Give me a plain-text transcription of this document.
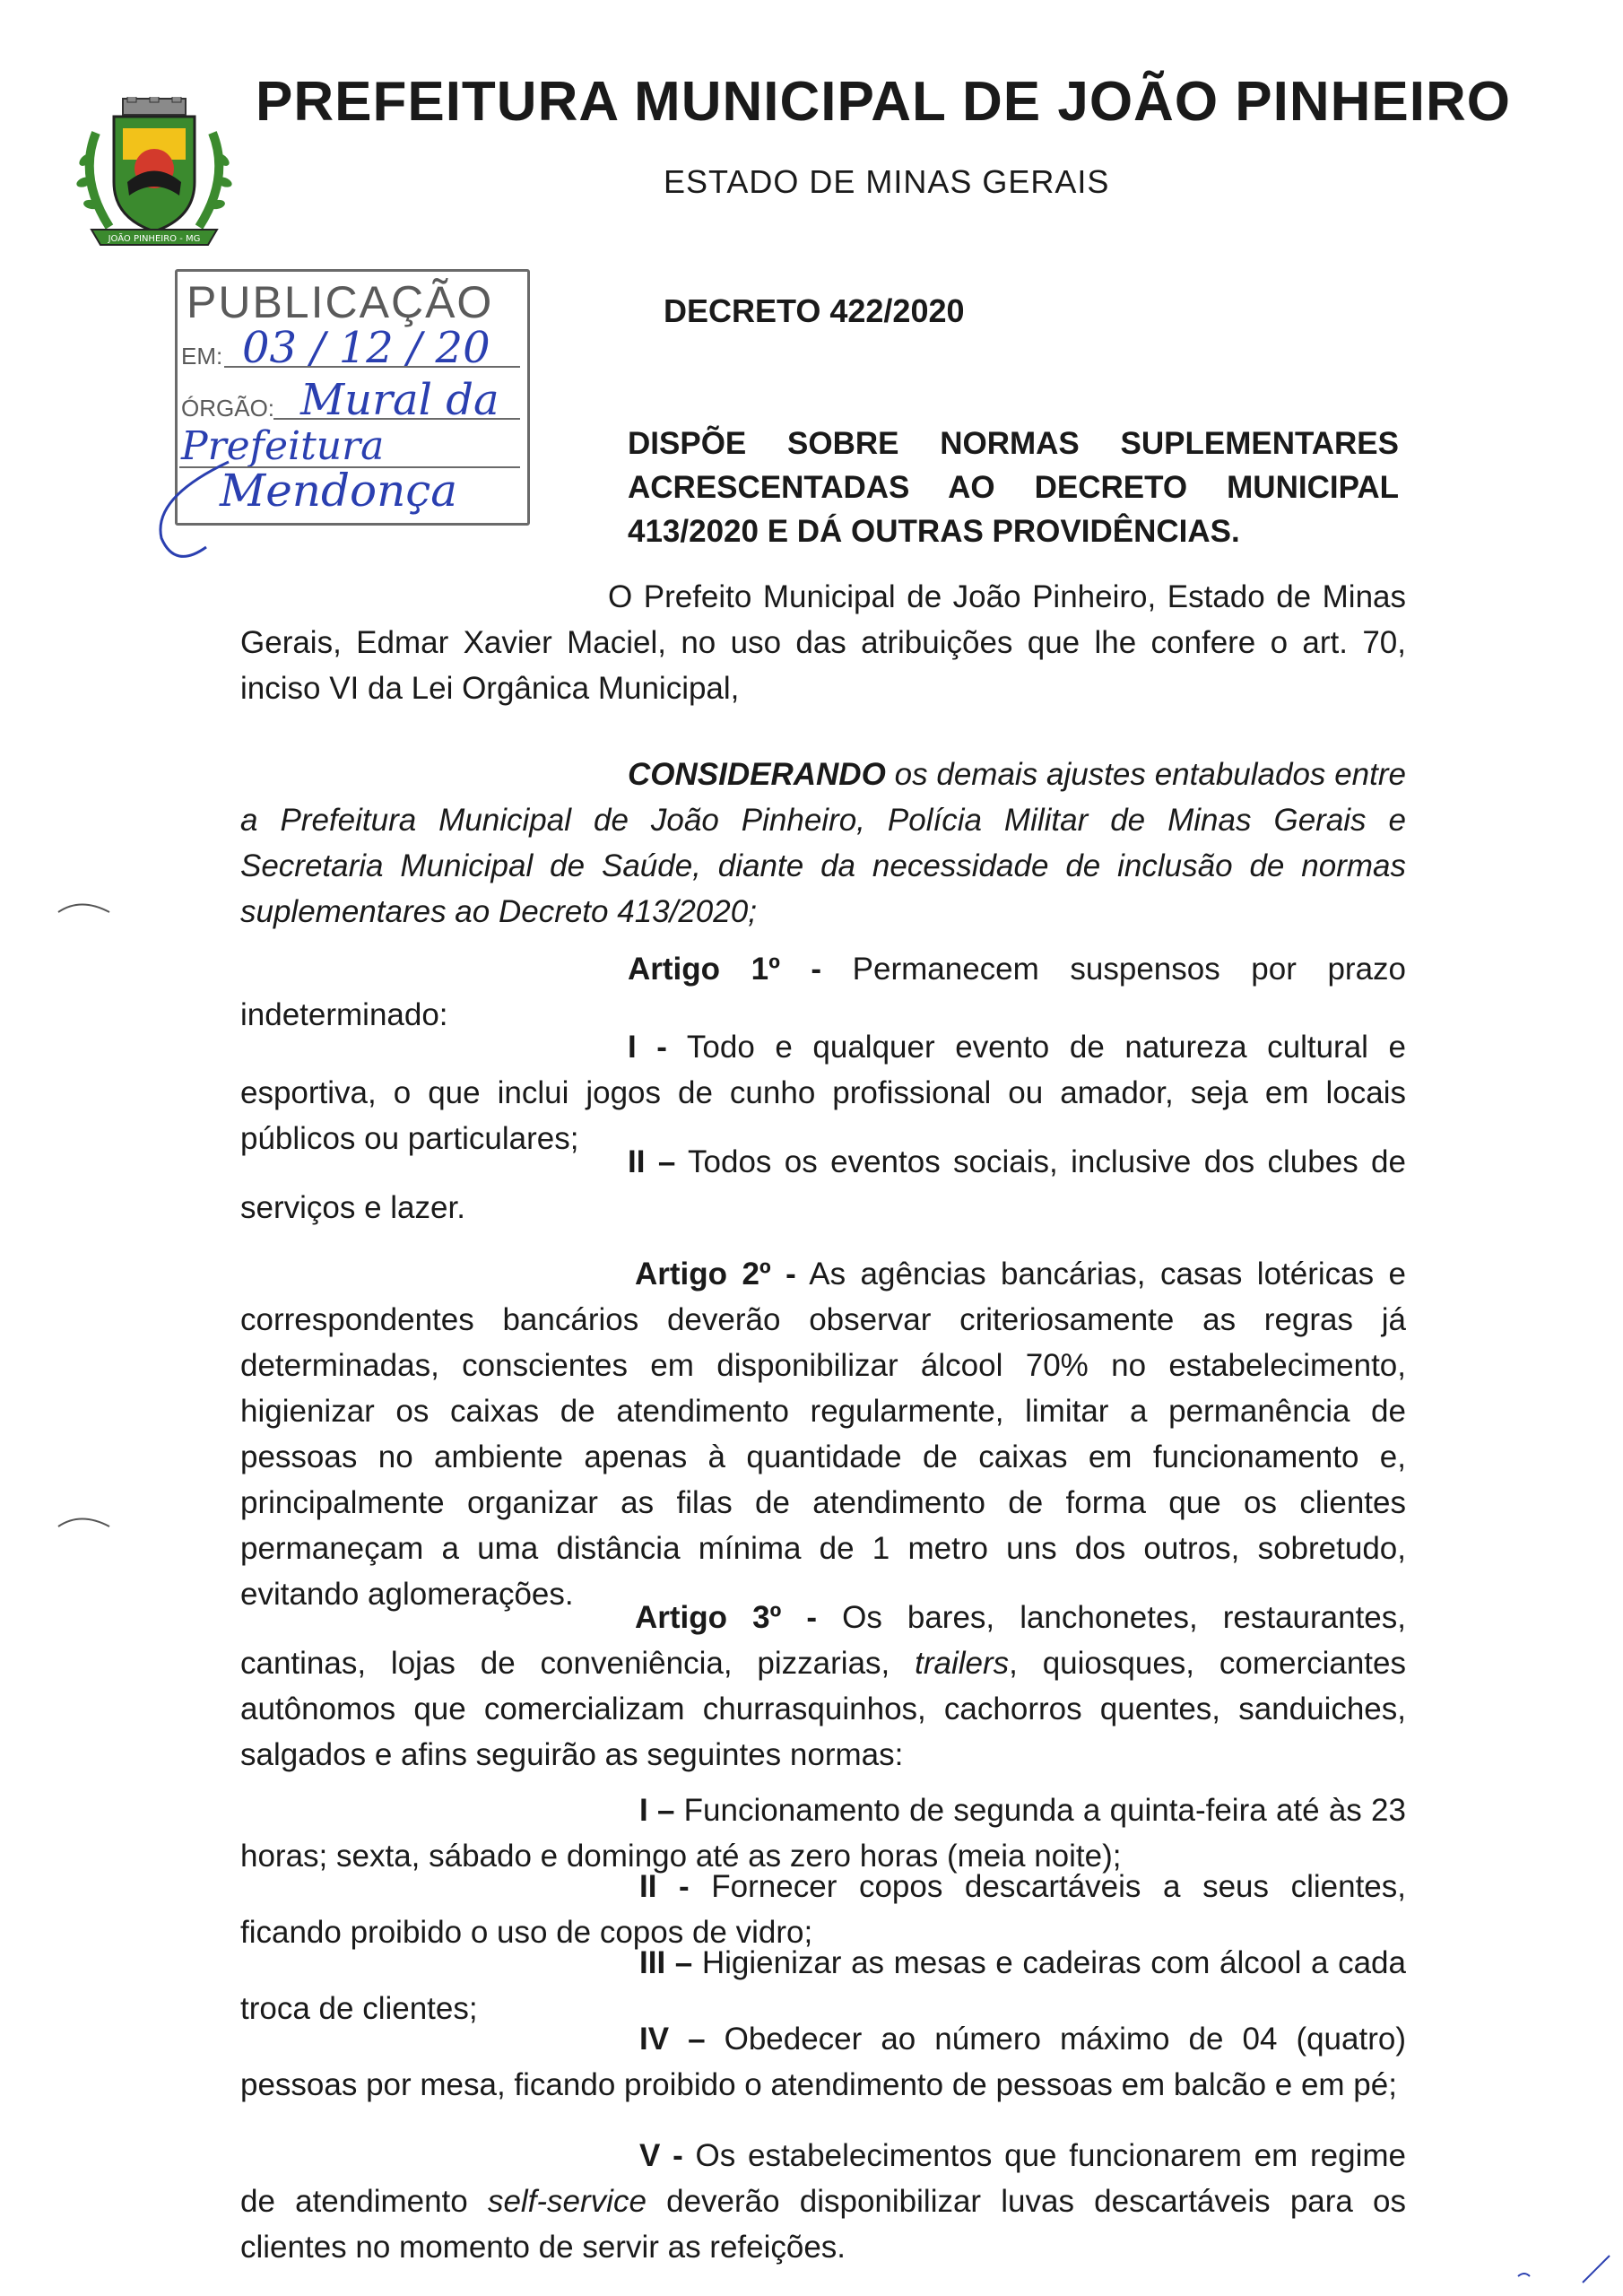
JOÃO PINHEIRO - MG
PREFEITURA MUNICIPAL DE JOÃO PINHEIRO
ESTADO DE MINAS GERAIS
PUBLICAÇÃO
EM: 03 / 12 / 20
ÓRGÃO: Mural da
Prefeitura
Mendonça
DECRETO 422/2020
DISPÕE SOBRE NORMAS SUPLEMENTARES ACRESCENTADAS AO DECRETO MUNICIPAL 413/2020 E DÁ OUTRAS PROVIDÊNCIAS.
O Prefeito Municipal de João Pinheiro, Estado de Minas Gerais, Edmar Xavier Maciel, no uso das atribuições que lhe confere o art. 70, inciso VI da Lei Orgânica Municipal,
CONSIDERANDO os demais ajustes entabulados entre a Prefeitura Municipal de João Pinheiro, Polícia Militar de Minas Gerais e Secretaria Municipal de Saúde, diante da necessidade de inclusão de normas suplementares ao Decreto 413/2020;
Artigo 1º - Permanecem suspensos por prazo indeterminado:
I - Todo e qualquer evento de natureza cultural e esportiva, o que inclui jogos de cunho profissional ou amador, seja em locais públicos ou particulares;
II – Todos os eventos sociais, inclusive dos clubes de serviços e lazer.
Artigo 2º - As agências bancárias, casas lotéricas e correspondentes bancários deverão observar criteriosamente as regras já determinadas, conscientes em disponibilizar álcool 70% no estabelecimento, higienizar os caixas de atendimento regularmente, limitar a permanência de pessoas no ambiente apenas à quantidade de caixas em funcionamento e, principalmente organizar as filas de atendimento de forma que os clientes permaneçam a uma distância mínima de 1 metro uns dos outros, sobretudo, evitando aglomerações.
Artigo 3º - Os bares, lanchonetes, restaurantes, cantinas, lojas de conveniência, pizzarias, trailers, quiosques, comerciantes autônomos que comercializam churrasquinhos, cachorros quentes, sanduiches, salgados e afins seguirão as seguintes normas:
I – Funcionamento de segunda a quinta-feira até às 23 horas; sexta, sábado e domingo até as zero horas (meia noite);
II - Fornecer copos descartáveis a seus clientes, ficando proibido o uso de copos de vidro;
III – Higienizar as mesas e cadeiras com álcool a cada troca de clientes;
IV – Obedecer ao número máximo de 04 (quatro) pessoas por mesa, ficando proibido o atendimento de pessoas em balcão e em pé;
V - Os estabelecimentos que funcionarem em regime de atendimento self-service deverão disponibilizar luvas descartáveis para os clientes no momento de servir as refeições.
